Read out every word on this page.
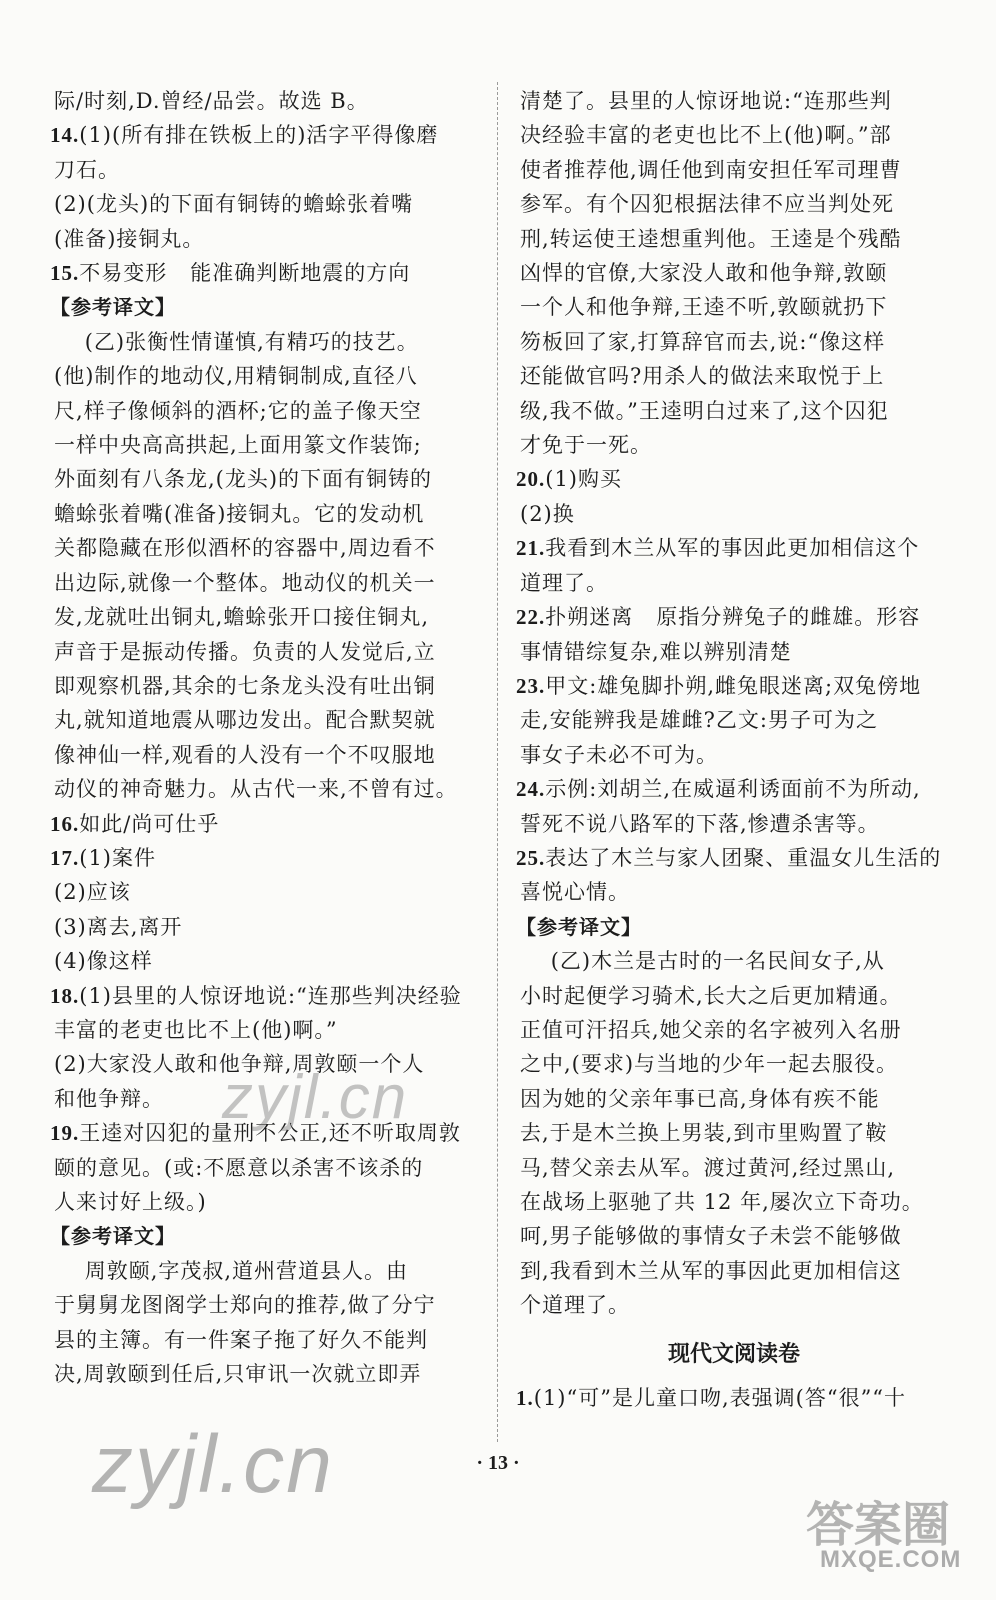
际/时刻,D.曾经/品尝。故选 B。
14.(1)(所有排在铁板上的)活字平得像磨
刀石。
(2)(龙头)的下面有铜铸的蟾蜍张着嘴
(准备)接铜丸。
15.不易变形   能准确判断地震的方向
【参考译文】
(乙)张衡性情谨慎,有精巧的技艺。
(他)制作的地动仪,用精铜制成,直径八
尺,样子像倾斜的酒杯;它的盖子像天空
一样中央高高拱起,上面用篆文作装饰;
外面刻有八条龙,(龙头)的下面有铜铸的
蟾蜍张着嘴(准备)接铜丸。它的发动机
关都隐藏在形似酒杯的容器中,周边看不
出边际,就像一个整体。地动仪的机关一
发,龙就吐出铜丸,蟾蜍张开口接住铜丸,
声音于是振动传播。负责的人发觉后,立
即观察机器,其余的七条龙头没有吐出铜
丸,就知道地震从哪边发出。配合默契就
像神仙一样,观看的人没有一个不叹服地
动仪的神奇魅力。从古代一来,不曾有过。
16.如此/尚可仕乎
17.(1)案件
(2)应该
(3)离去,离开
(4)像这样
18.(1)县里的人惊讶地说:“连那些判决经验
丰富的老吏也比不上(他)啊。”
(2)大家没人敢和他争辩,周敦颐一个人
和他争辩。
19.王逵对囚犯的量刑不公正,还不听取周敦
颐的意见。(或:不愿意以杀害不该杀的
人来讨好上级。)
【参考译文】
周敦颐,字茂叔,道州营道县人。由
于舅舅龙图阁学士郑向的推荐,做了分宁
县的主簿。有一件案子拖了好久不能判
决,周敦颐到任后,只审讯一次就立即弄
清楚了。县里的人惊讶地说:“连那些判
决经验丰富的老吏也比不上(他)啊。”部
使者推荐他,调任他到南安担任军司理曹
参军。有个囚犯根据法律不应当判处死
刑,转运使王逵想重判他。王逵是个残酷
凶悍的官僚,大家没人敢和他争辩,敦颐
一个人和他争辩,王逵不听,敦颐就扔下
笏板回了家,打算辞官而去,说:“像这样
还能做官吗?用杀人的做法来取悦于上
级,我不做。”王逵明白过来了,这个囚犯
才免于一死。
20.(1)购买
(2)换
21.我看到木兰从军的事因此更加相信这个
道理了。
22.扑朔迷离   原指分辨兔子的雌雄。形容
事情错综复杂,难以辨别清楚
23.甲文:雄兔脚扑朔,雌兔眼迷离;双兔傍地
走,安能辨我是雄雌?乙文:男子可为之
事女子未必不可为。
24.示例:刘胡兰,在威逼利诱面前不为所动,
誓死不说八路军的下落,惨遭杀害等。
25.表达了木兰与家人团聚、重温女儿生活的
喜悦心情。
【参考译文】
(乙)木兰是古时的一名民间女子,从
小时起便学习骑术,长大之后更加精通。
正值可汗招兵,她父亲的名字被列入名册
之中,(要求)与当地的少年一起去服役。
因为她的父亲年事已高,身体有疾不能
去,于是木兰换上男装,到市里购置了鞍
马,替父亲去从军。渡过黄河,经过黑山,
在战场上驱驰了共 12 年,屡次立下奇功。
呵,男子能够做的事情女子未尝不能够做
到,我看到木兰从军的事因此更加相信这
个道理了。
现代文阅读卷
1.(1)“可”是儿童口吻,表强调(答“很”“十
· 13 ·
zyjl.cn
zyjl.cn
答案圈
MXQE.COM
